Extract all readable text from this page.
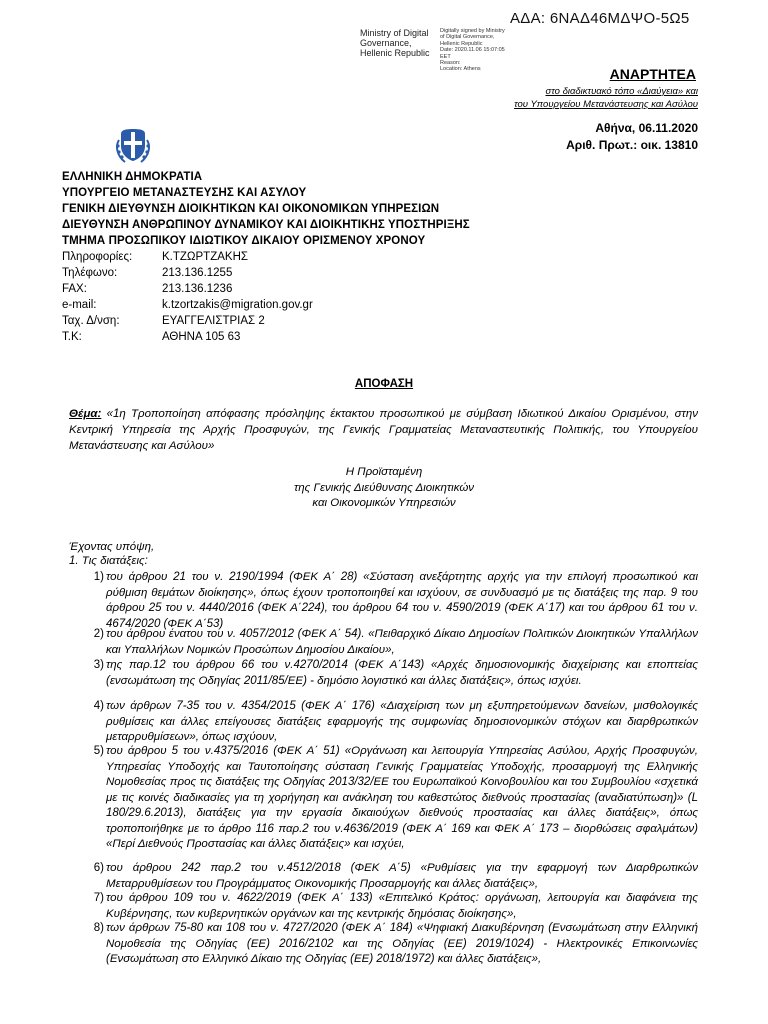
ΑΔΑ: 6ΝΑΔ46ΜΔΨΟ-5Ω5
Ministry of Digital
Governance,
Hellenic Republic
Digitally signed by Ministry
of Digital Governance,
Hellenic Republic
Date: 2020.11.06 15:07:05
EET
Reason:
Location: Athens	ΑΝΑΡΤΗΤΕΑ
στο διαδικτυακό τόπο «Διαύγεια» και
του Υπουργείου Μετανάστευσης και Ασύλου
Αθήνα, 06.11.2020
Αριθ. Πρωτ.: οικ. 13810
ΕΛΛΗΝΙΚΗ ΔΗΜΟΚΡΑΤΙΑ
ΥΠΟΥΡΓΕΙΟ ΜΕΤΑΝΑΣΤΕΥΣΗΣ ΚΑΙ ΑΣΥΛΟΥ
ΓΕΝΙΚΗ ΔΙΕΥΘΥΝΣΗ ΔΙΟΙΚΗΤΙΚΩΝ ΚΑΙ ΟΙΚΟΝΟΜΙΚΩΝ ΥΠΗΡΕΣΙΩΝ
ΔΙΕΥΘΥΝΣΗ ΑΝΘΡΩΠΙΝΟΥ ΔΥΝΑΜΙΚΟΥ ΚΑΙ ΔΙΟΙΚΗΤΙΚΗΣ ΥΠΟΣΤΗΡΙΞΗΣ
ΤΜΗΜΑ ΠΡΟΣΩΠΙΚΟΥ ΙΔΙΩΤΙΚΟΥ ΔΙΚΑΙΟΥ ΟΡΙΣΜΕΝΟΥ ΧΡΟΝΟΥ
Πληροφορίες:	Κ.ΤΖΩΡΤΖΑΚΗΣ
Τηλέφωνο:	213.136.1255
FAX:	213.136.1236
e-mail:	k.tzortzakis@migration.gov.gr
Ταχ. Δ/νση:	ΕΥΑΓΓΕΛΙΣΤΡΙΑΣ 2
Τ.Κ:	ΑΘΗΝΑ 105 63
ΑΠΟΦΑΣΗ
Θέμα: «1η Τροποποίηση απόφασης πρόσληψης έκτακτου προσωπικού με σύμβαση Ιδιωτικού Δικαίου Ορισμένου, στην Κεντρική Υπηρεσία της Αρχής Προσφυγών, της Γενικής Γραμματείας Μεταναστευτικής Πολιτικής, του Υπουργείου Μετανάστευσης και Ασύλου»
Η Προϊσταμένη
της Γενικής Διεύθυνσης Διοικητικών
και Οικονομικών Υπηρεσιών
Έχοντας υπόψη,
1. Τις διατάξεις:
1) του άρθρου 21 του ν. 2190/1994 (ΦΕΚ Α΄ 28) «Σύσταση ανεξάρτητης αρχής για την επιλογή προσωπικού και ρύθμιση θεμάτων διοίκησης», όπως έχουν τροποποιηθεί και ισχύουν, σε συνδυασμό με τις διατάξεις της παρ. 9 του άρθρου 25 του ν. 4440/2016 (ΦΕΚ Α΄224), του άρθρου 64 του ν. 4590/2019 (ΦΕΚ Α΄17) και του άρθρου 61 του ν. 4674/2020 (ΦΕΚ Α΄53)
2) του άρθρου ένατου του ν. 4057/2012 (ΦΕΚ Α΄ 54). «Πειθαρχικό Δίκαιο Δημοσίων Πολιτικών Διοικητικών Υπαλλήλων και Υπαλλήλων Νομικών Προσώπων Δημοσίου Δικαίου»,
3) της παρ.12 του άρθρου 66 του ν.4270/2014 (ΦΕΚ Α΄143) «Αρχές δημοσιονομικής διαχείρισης και εποπτείας (ενσωμάτωση της Οδηγίας 2011/85/ΕΕ) - δημόσιο λογιστικό και άλλες διατάξεις», όπως ισχύει.
4) των άρθρων 7-35 του ν. 4354/2015 (ΦΕΚ Α΄ 176) «Διαχείριση των μη εξυπηρετούμενων δανείων, μισθολογικές ρυθμίσεις και άλλες επείγουσες διατάξεις εφαρμογής της συμφωνίας δημοσιονομικών στόχων και διαρθρωτικών μεταρρυθμίσεων», όπως ισχύουν,
5) του άρθρου 5 του ν.4375/2016 (ΦΕΚ Α΄ 51) «Οργάνωση και λειτουργία Υπηρεσίας Ασύλου, Αρχής Προσφυγών, Υπηρεσίας Υποδοχής και Ταυτοποίησης σύσταση Γενικής Γραμματείας Υποδοχής, προσαρμογή της Ελληνικής Νομοθεσίας προς τις διατάξεις της Οδηγίας 2013/32/ΕΕ του Ευρωπαϊκού Κοινοβουλίου και του Συμβουλίου «σχετικά με τις κοινές διαδικασίες για τη χορήγηση και ανάκληση του καθεστώτος διεθνούς προστασίας (αναδιατύπωση)» (L 180/29.6.2013), διατάξεις για την εργασία δικαιούχων διεθνούς προστασίας και άλλες διατάξεις», όπως τροποποιήθηκε με το άρθρο 116 παρ.2 του ν.4636/2019 (ΦΕΚ Α΄ 169 και ΦΕΚ Α΄ 173 – διορθώσεις σφαλμάτων) «Περί Διεθνούς Προστασίας και άλλες διατάξεις» και ισχύει,
6) του άρθρου 242 παρ.2 του ν.4512/2018 (ΦΕΚ Α΄5) «Ρυθμίσεις για την εφαρμογή των Διαρθρωτικών Μεταρρυθμίσεων του Προγράμματος Οικονομικής Προσαρμογής και άλλες διατάξεις»,
7) του άρθρου 109 του ν. 4622/2019 (ΦΕΚ Α΄ 133) «Επιτελικό Κράτος: οργάνωση, λειτουργία και διαφάνεια της Κυβέρνησης, των κυβερνητικών οργάνων και της κεντρικής δημόσιας διοίκησης»,
8) των άρθρων 75-80 και 108 του ν. 4727/2020 (ΦΕΚ Α΄ 184) «Ψηφιακή Διακυβέρνηση (Ενσωμάτωση στην Ελληνική Νομοθεσία της Οδηγίας (ΕΕ) 2016/2102 και της Οδηγίας (ΕΕ) 2019/1024) - Ηλεκτρονικές Επικοινωνίες (Ενσωμάτωση στο Ελληνικό Δίκαιο της Οδηγίας (ΕΕ) 2018/1972) και άλλες διατάξεις»,
